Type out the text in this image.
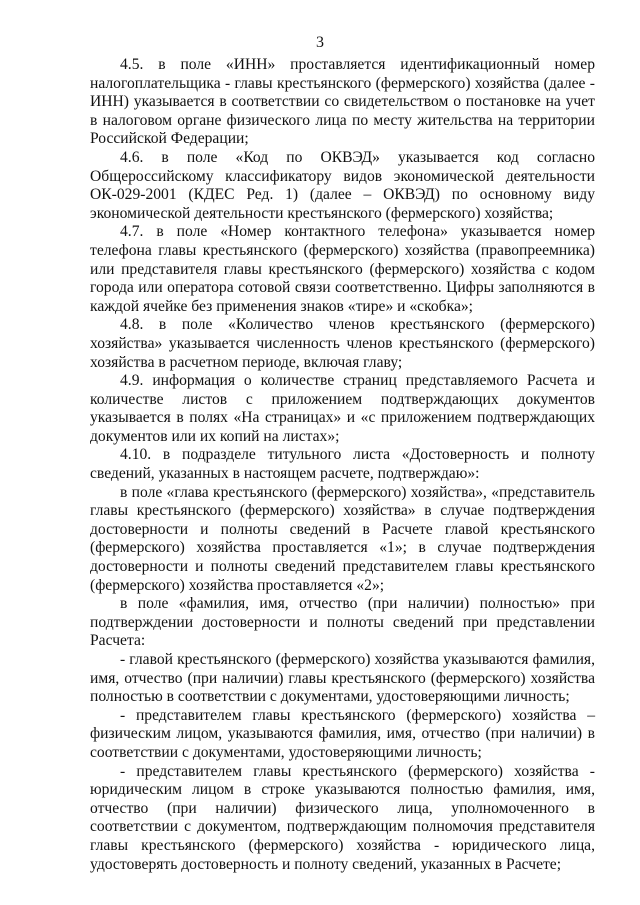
3

4.5. в поле «ИНН» проставляется идентификационный номер налогоплательщика - главы крестьянского (фермерского) хозяйства (далее - ИНН) указывается в соответствии со свидетельством о постановке на учет в налоговом органе физического лица по месту жительства на территории Российской Федерации;

4.6. в поле «Код по ОКВЭД» указывается код согласно Общероссийскому классификатору видов экономической деятельности ОК-029-2001 (КДЕС Ред. 1) (далее – ОКВЭД) по основному виду экономической деятельности крестьянского (фермерского) хозяйства;

4.7. в поле «Номер контактного телефона» указывается номер телефона главы крестьянского (фермерского) хозяйства (правопреемника) или представителя главы крестьянского (фермерского) хозяйства с кодом города или оператора сотовой связи соответственно. Цифры заполняются в каждой ячейке без применения знаков «тире» и «скобка»;

4.8. в поле «Количество членов крестьянского (фермерского) хозяйства» указывается численность членов крестьянского (фермерского) хозяйства в расчетном периоде, включая главу;

4.9. информация о количестве страниц представляемого Расчета и количестве листов с приложением подтверждающих документов указывается в полях «На страницах» и «с приложением подтверждающих документов или их копий на листах»;

4.10. в подразделе титульного листа «Достоверность и полноту сведений, указанных в настоящем расчете, подтверждаю»:

в поле «глава крестьянского (фермерского) хозяйства», «представитель главы крестьянского (фермерского) хозяйства» в случае подтверждения достоверности и полноты сведений в Расчете главой крестьянского (фермерского) хозяйства проставляется «1»; в случае подтверждения достоверности и полноты сведений представителем главы крестьянского (фермерского) хозяйства проставляется «2»;

в поле «фамилия, имя, отчество (при наличии) полностью» при подтверждении достоверности и полноты сведений при представлении Расчета:

- главой крестьянского (фермерского) хозяйства указываются фамилия, имя, отчество (при наличии) главы крестьянского (фермерского) хозяйства полностью в соответствии с документами, удостоверяющими личность;

- представителем главы крестьянского (фермерского) хозяйства – физическим лицом, указываются фамилия, имя, отчество (при наличии) в соответствии с документами, удостоверяющими личность;

- представителем главы крестьянского (фермерского) хозяйства - юридическим лицом в строке указываются полностью фамилия, имя, отчество (при наличии) физического лица, уполномоченного в соответствии с документом, подтверждающим полномочия представителя главы крестьянского (фермерского) хозяйства - юридического лица, удостоверять достоверность и полноту сведений, указанных в Расчете;
